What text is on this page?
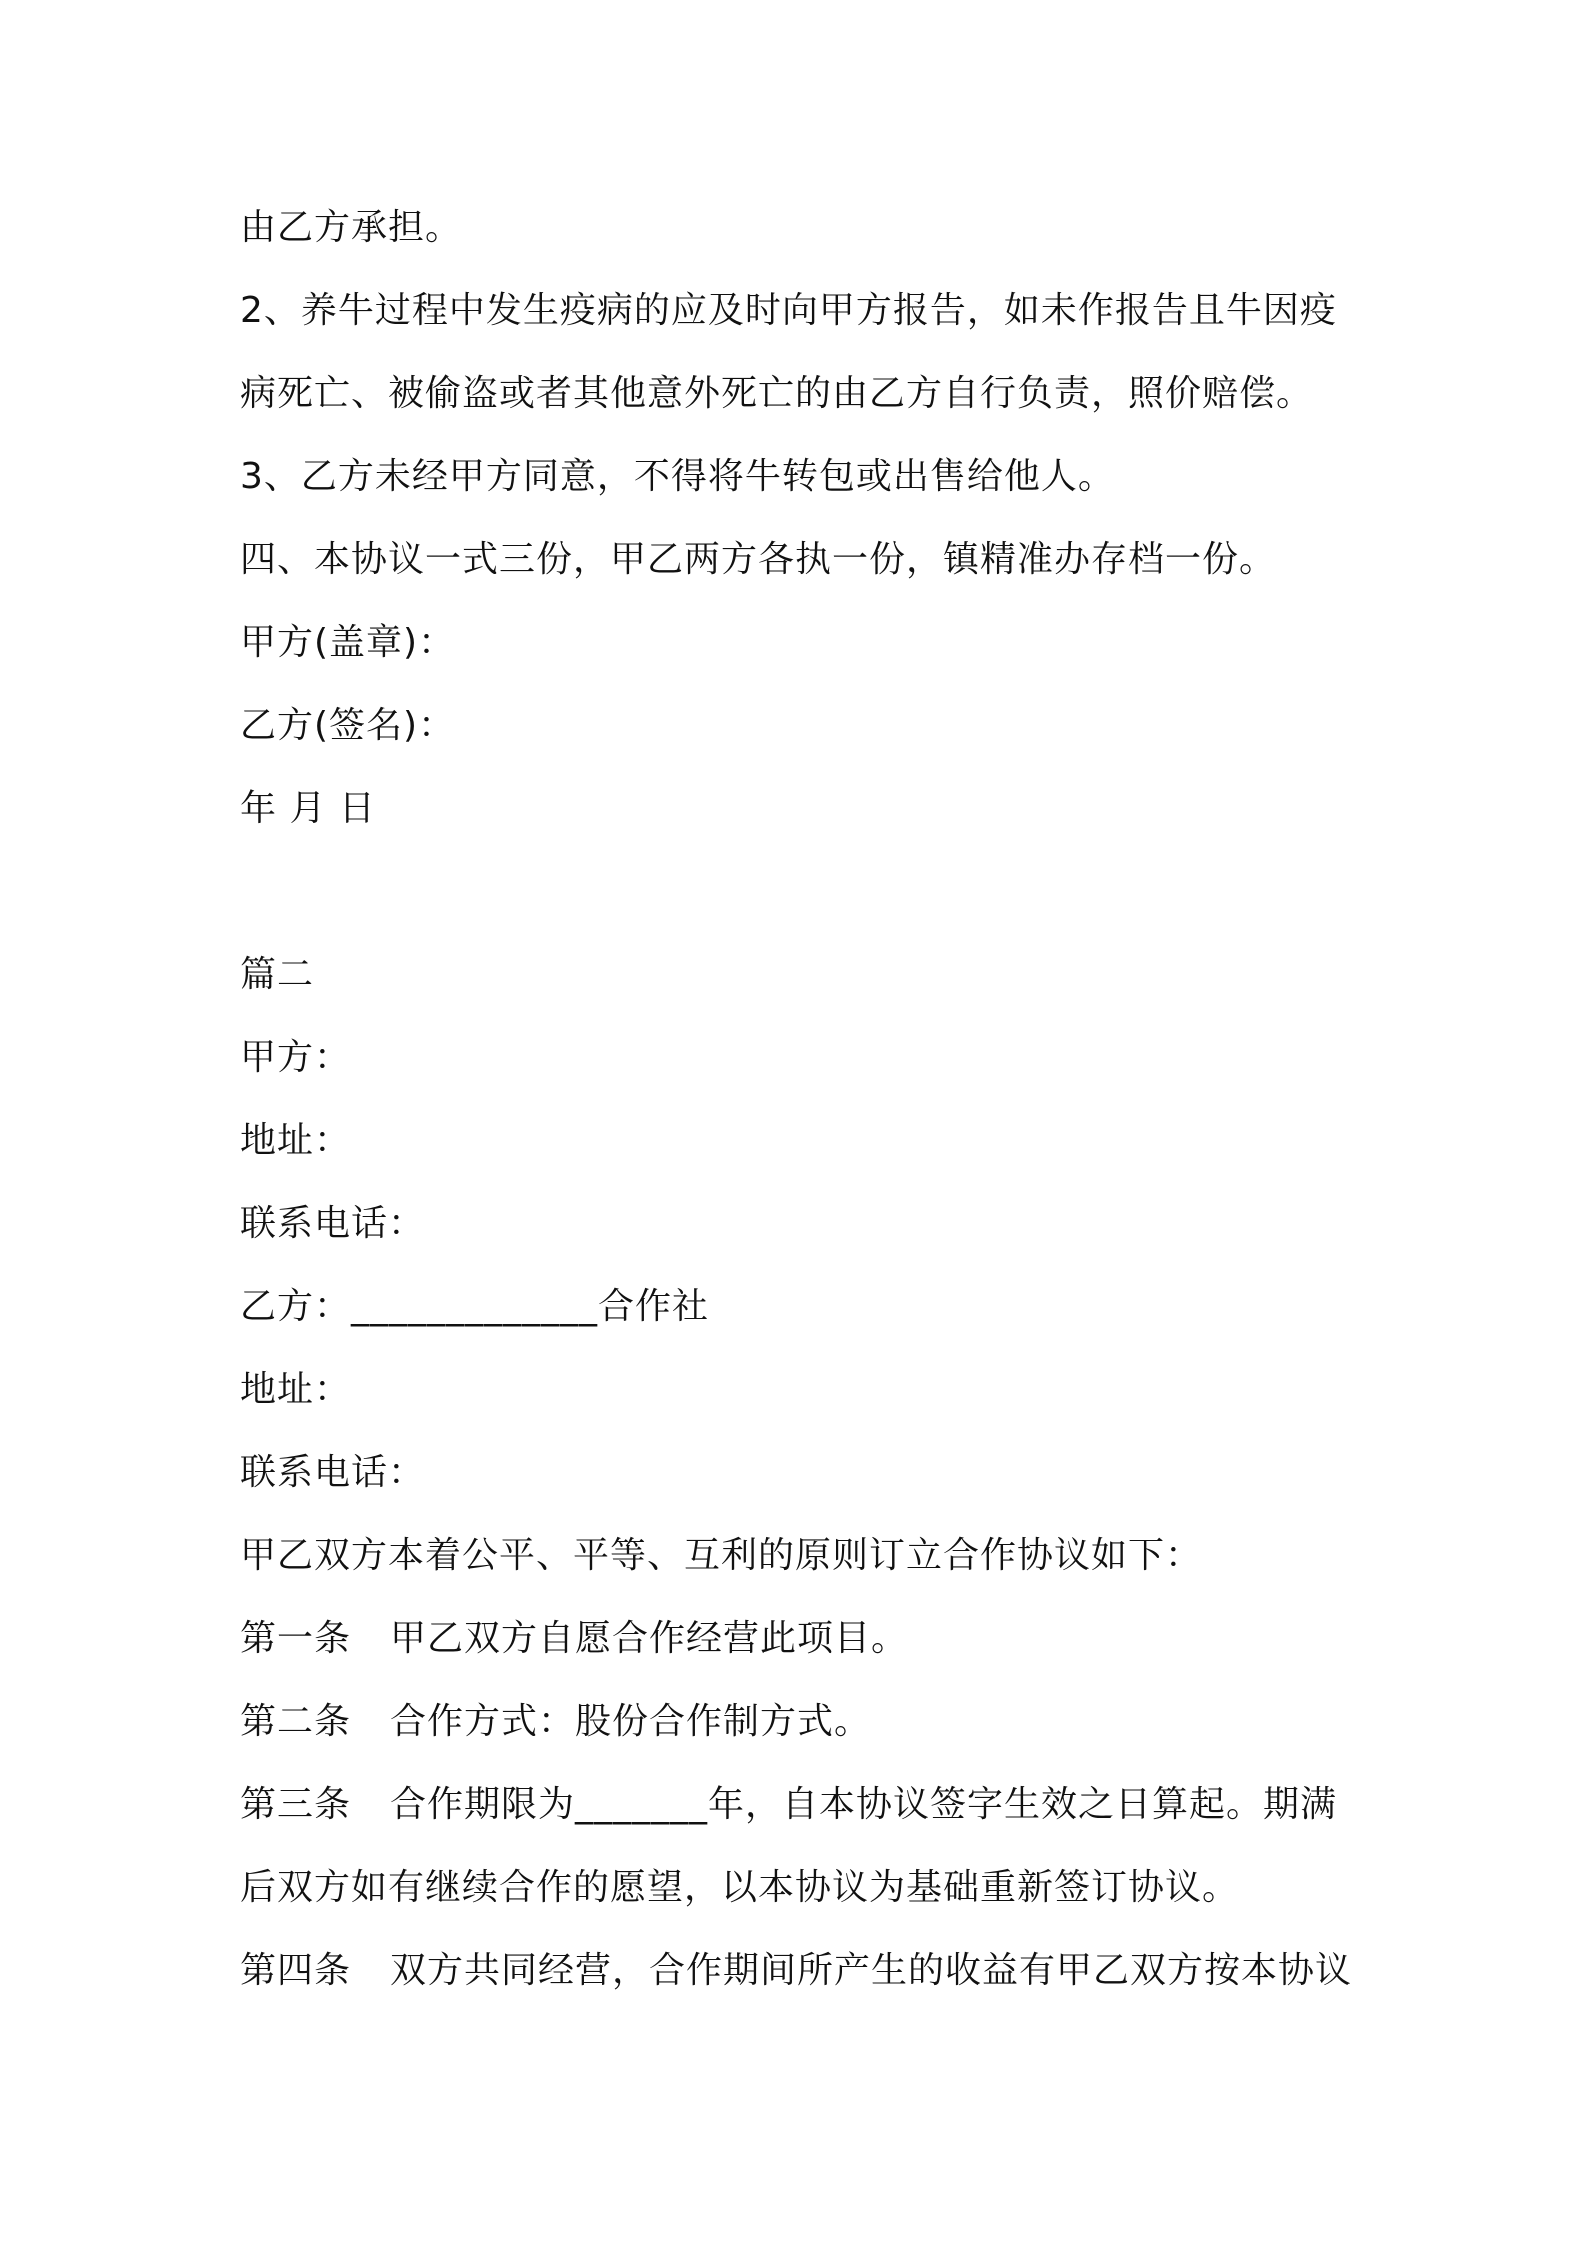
由乙方承担。
2、养牛过程中发生疫病的应及时向甲方报告，如未作报告且牛因疫
病死亡、被偷盗或者其他意外死亡的由乙方自行负责，照价赔偿。
3、乙方未经甲方同意，不得将牛转包或出售给他人。
四、本协议一式三份，甲乙两方各执一份，镇精准办存档一份。
甲方(盖章)：
乙方(签名)：
年 月 日
篇二
甲方：
地址：
联系电话：
乙方：_____________合作社
地址：
联系电话：
甲乙双方本着公平、平等、互利的原则订立合作协议如下：
第一条 甲乙双方自愿合作经营此项目。
第二条 合作方式：股份合作制方式。
第三条 合作期限为_______年，自本协议签字生效之日算起。期满
后双方如有继续合作的愿望，以本协议为基础重新签订协议。
第四条 双方共同经营，合作期间所产生的收益有甲乙双方按本协议
